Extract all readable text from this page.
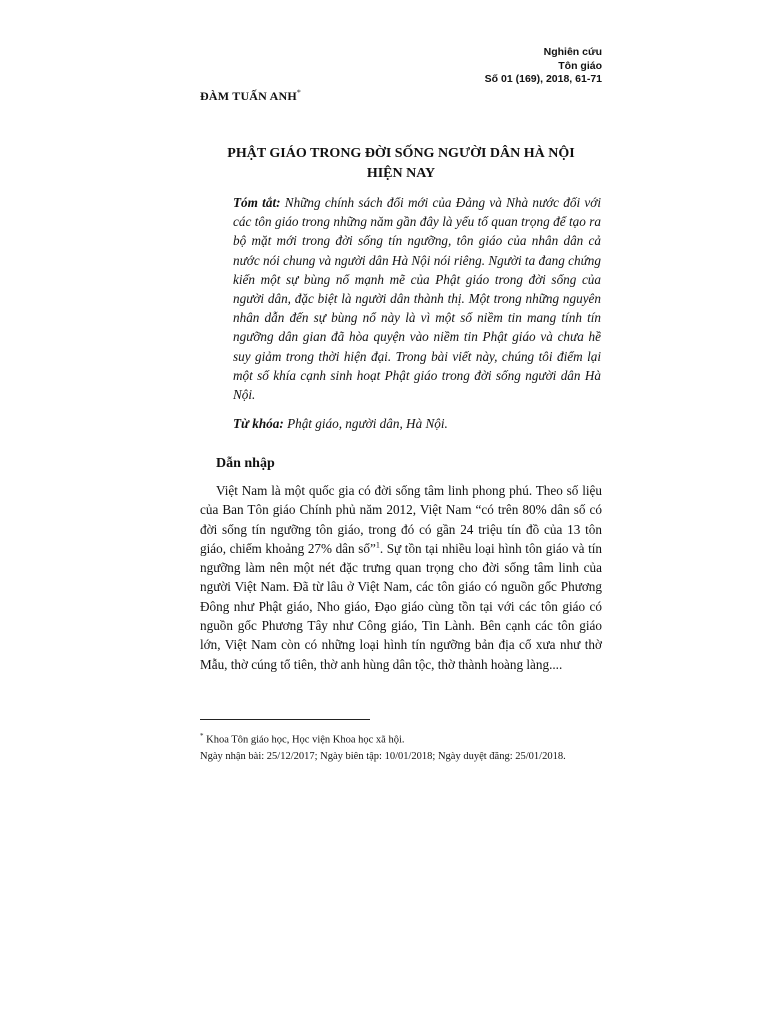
Nghiên cứu
Tôn giáo
Số 01 (169), 2018, 61-71
ĐÀM TUẤN ANH*
PHẬT GIÁO TRONG ĐỜI SỐNG NGƯỜI DÂN HÀ NỘI
HIỆN NAY
Tóm tắt: Những chính sách đổi mới của Đảng và Nhà nước đối với các tôn giáo trong những năm gần đây là yếu tố quan trọng để tạo ra bộ mặt mới trong đời sống tín ngưỡng, tôn giáo của nhân dân cả nước nói chung và người dân Hà Nội nói riêng. Người ta đang chứng kiến một sự bùng nổ mạnh mẽ của Phật giáo trong đời sống của người dân, đặc biệt là người dân thành thị. Một trong những nguyên nhân dẫn đến sự bùng nổ này là vì một số niềm tin mang tính tín ngưỡng dân gian đã hòa quyện vào niềm tin Phật giáo và chưa hề suy giảm trong thời hiện đại. Trong bài viết này, chúng tôi điểm lại một số khía cạnh sinh hoạt Phật giáo trong đời sống người dân Hà Nội.
Từ khóa: Phật giáo, người dân, Hà Nội.
Dẫn nhập
Việt Nam là một quốc gia có đời sống tâm linh phong phú. Theo số liệu của Ban Tôn giáo Chính phủ năm 2012, Việt Nam “có trên 80% dân số có đời sống tín ngưỡng tôn giáo, trong đó có gần 24 triệu tín đồ của 13 tôn giáo, chiếm khoảng 27% dân số”$^1$. Sự tồn tại nhiều loại hình tôn giáo và tín ngưỡng làm nên một nét đặc trưng quan trọng cho đời sống tâm linh của người Việt Nam. Đã từ lâu ở Việt Nam, các tôn giáo có nguồn gốc Phương Đông như Phật giáo, Nho giáo, Đạo giáo cùng tồn tại với các tôn giáo có nguồn gốc Phương Tây như Công giáo, Tin Lành. Bên cạnh các tôn giáo lớn, Việt Nam còn có những loại hình tín ngưỡng bản địa cổ xưa như thờ Mẫu, thờ cúng tổ tiên, thờ anh hùng dân tộc, thờ thành hoàng làng....
* Khoa Tôn giáo học, Học viện Khoa học xã hội.
Ngày nhận bài: 25/12/2017; Ngày biên tập: 10/01/2018; Ngày duyệt đăng: 25/01/2018.
